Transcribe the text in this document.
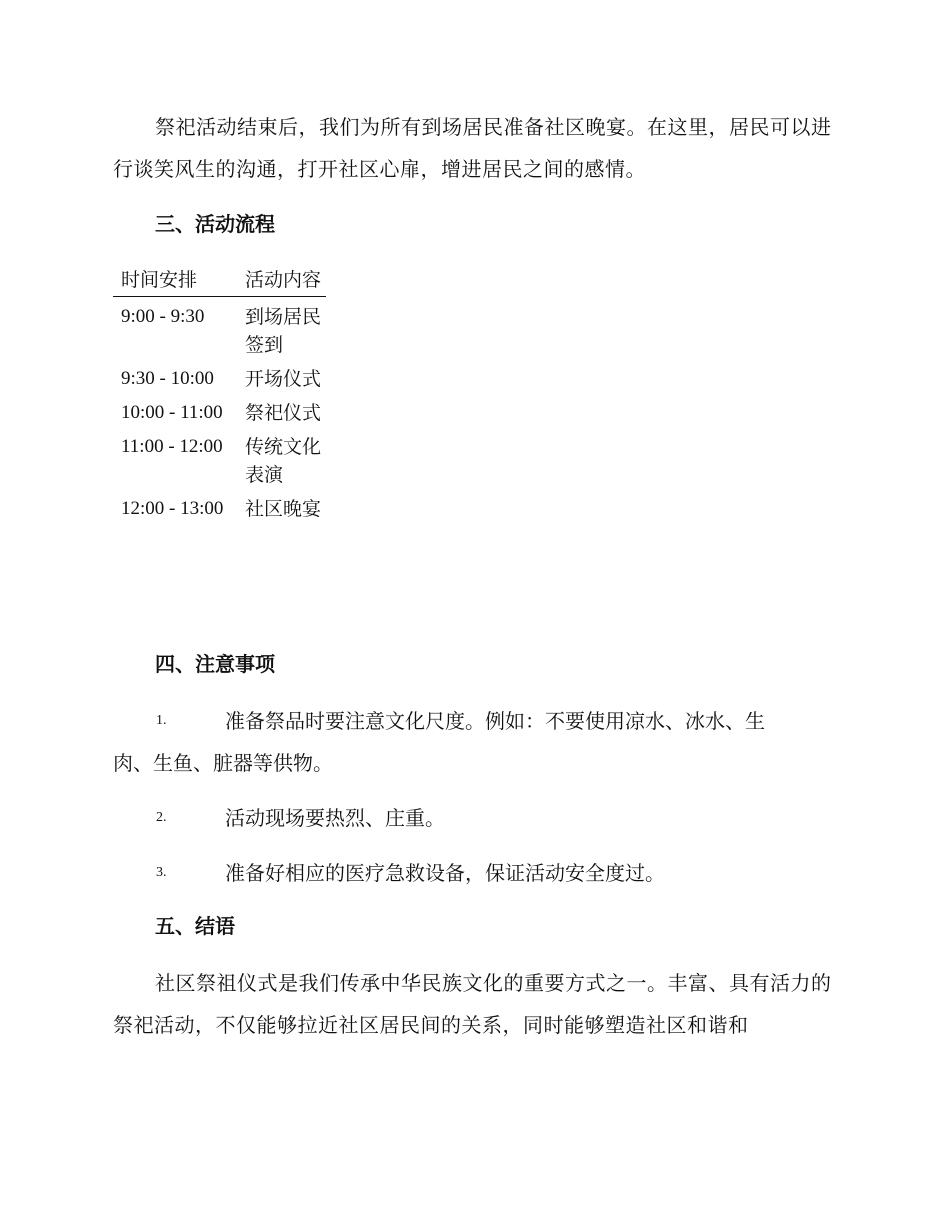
祭祀活动结束后，我们为所有到场居民准备社区晚宴。在这里，居民可以进行谈笑风生的沟通，打开社区心扉，增进居民之间的感情。

三、活动流程
时间安排	活动内容
9:00 - 9:30	到场居民签到
9:30 - 10:00	开场仪式
10:00 - 11:00	祭祀仪式
11:00 - 12:00	传统文化表演
12:00 - 13:00	社区晚宴
四、注意事项
1.	准备祭品时要注意文化尺度。例如：不要使用凉水、冰水、生
肉、生鱼、脏器等供物。
2.	活动现场要热烈、庄重。
3.	准备好相应的医疗急救设备，保证活动安全度过。
五、结语

社区祭祖仪式是我们传承中华民族文化的重要方式之一。丰富、具有活力的祭祀活动，不仅能够拉近社区居民间的关系，同时能够塑造社区和谐和
